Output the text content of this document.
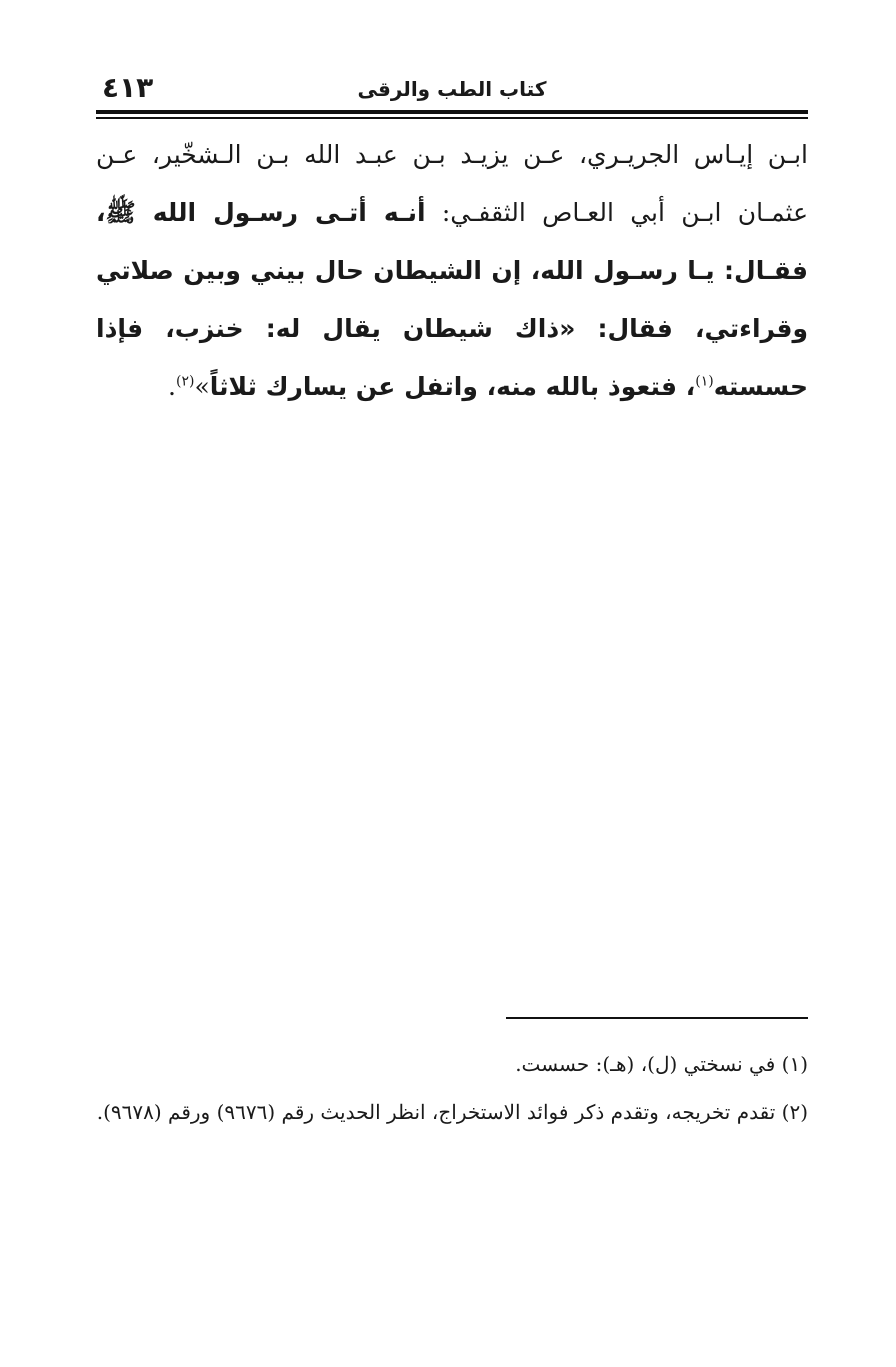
٤١٣	كتاب الطب والرقى
ابـن إيـاس الجريـري، عـن يزيـد بـن عبـد الله بـن الـشخّير، عـن عثمـان ابـن أبي العـاص الثقفـي: أنـه أتـى رسـول الله ﷺ، فقـال: يـا رسـول الله، إن الشيطان حال بيني وبين صلاتي وقراءتي، فقال: «ذاك شيطان يقال له: خنزب، فإذا حسسته$^{(١)}$، فتعوذ بالله منه، واتفل عن يسارك ثلاثاً»$^{(٢)}$.

(١) في نسختي (ل)، (هـ): حسست.

(٢) تقدم تخريجه، وتقدم ذكر فوائد الاستخراج، انظر الحديث رقم (٩٦٧٦) ورقم (٩٦٧٨).
